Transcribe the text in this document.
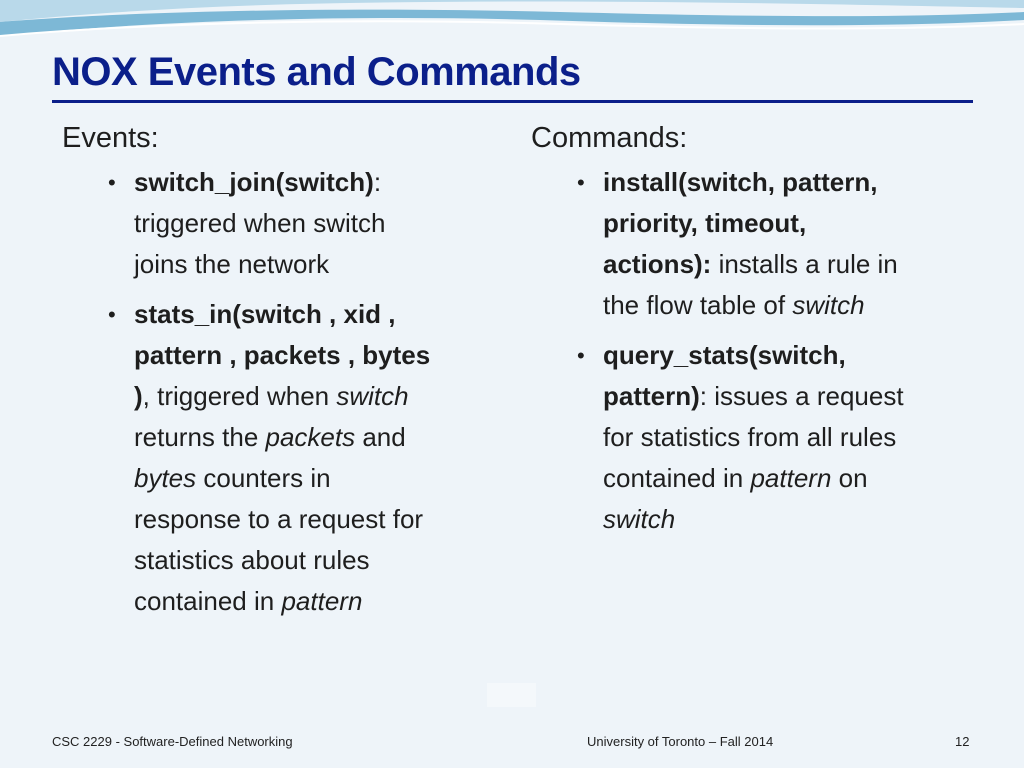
NOX Events and Commands
Events:
• switch_join(switch):
triggered when switch
joins the network
• stats_in(switch , xid ,
pattern , packets , bytes
), triggered when switch
returns the packets and
bytes counters in
response to a request for
statistics about rules
contained in pattern
Commands:
• install(switch, pattern,
priority, timeout,
actions): installs a rule in
the flow table of switch
• query_stats(switch,
pattern): issues a request
for statistics from all rules
contained in pattern on
switch
CSC 2229 - Software-Defined Networking	University of Toronto – Fall 2014	12
